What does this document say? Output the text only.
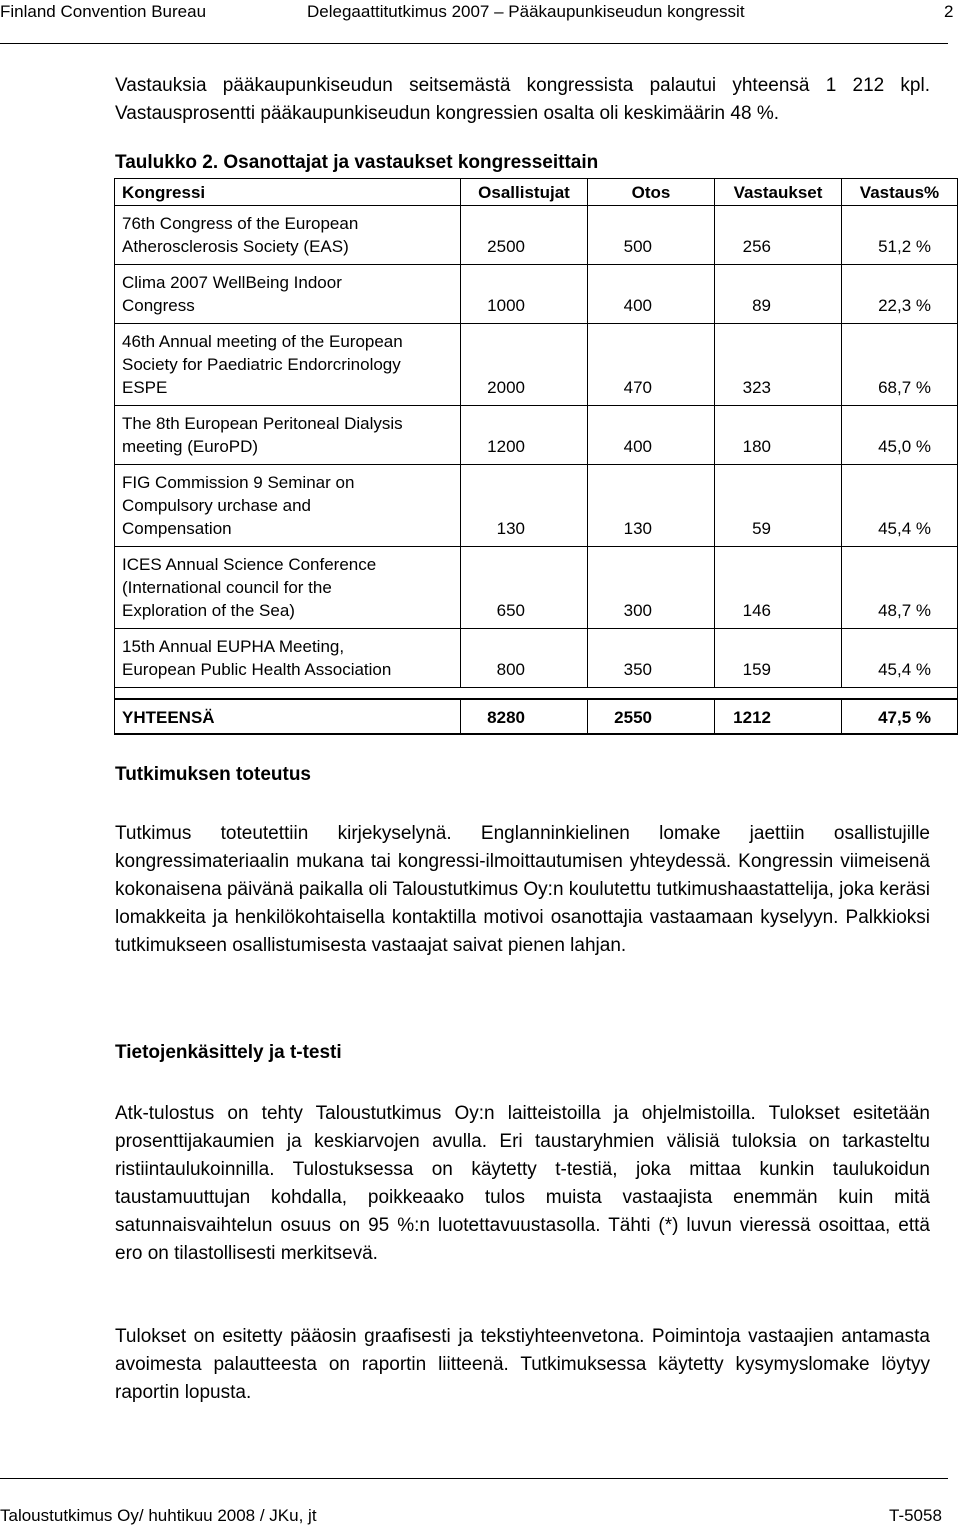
Finland Convention Bureau	Delegaattitutkimus 2007 – Pääkaupunkiseudun kongressit	2

Vastauksia pääkaupunkiseudun seitsemästä kongressista palautui yhteensä 1 212 kpl. Vastausprosentti pääkaupunkiseudun kongressien osalta oli keskimäärin 48 %.

Taulukko 2. Osanottajat ja vastaukset kongresseittain
Kongressi	Osallistujat	Otos	Vastaukset	Vastaus%

76th Congress of the European
Atherosclerosis Society (EAS)	2500	500	256	51,2 %

Clima 2007 WellBeing Indoor
Congress	1000	400	89	22,3 %

46th Annual meeting of the European
Society for Paediatric Endorcrinology
ESPE	2000	470	323	68,7 %

The 8th European Peritoneal Dialysis
meeting (EuroPD)	1200	400	180	45,0 %

FIG Commission 9 Seminar on
Compulsory urchase and
Compensation	130	130	59	45,4 %

ICES Annual Science Conference
(International council for the
Exploration of the Sea)	650	300	146	48,7 %

15th Annual EUPHA Meeting,
European Public Health Association	800	350	159	45,4 %

YHTEENSÄ	8280	2550	1212	47,5 %
Tutkimuksen toteutus

Tutkimus toteutettiin kirjekyselynä. Englanninkielinen lomake jaettiin osallistujille kongressimateriaalin mukana tai kongressi-ilmoittautumisen yhteydessä. Kongressin viimeisenä kokonaisena päivänä paikalla oli Taloustutkimus Oy:n koulutettu tutkimushaastattelija, joka keräsi lomakkeita ja henkilökohtaisella kontaktilla motivoi osanottajia vastaamaan kyselyyn. Palkkioksi tutkimukseen osallistumisesta vastaajat saivat pienen lahjan.

Tietojenkäsittely ja t-testi

Atk-tulostus on tehty Taloustutkimus Oy:n laitteistoilla ja ohjelmistoilla. Tulokset esitetään prosenttijakaumien ja keskiarvojen avulla. Eri taustaryhmien välisiä tuloksia on tarkasteltu ristiintaulukoinnilla. Tulostuksessa on käytetty t-testiä, joka mittaa kunkin taulukoidun taustamuuttujan kohdalla, poikkeaako tulos muista vastaajista enemmän kuin mitä satunnaisvaihtelun osuus on 95 %:n luotettavuustasolla. Tähti (*) luvun vieressä osoittaa, että ero on tilastollisesti merkitsevä.

Tulokset on esitetty pääosin graafisesti ja tekstiyhteenvetona. Poimintoja vastaajien antamasta avoimesta palautteesta on raportin liitteenä. Tutkimuksessa käytetty kysymyslomake löytyy raportin lopusta.

Taloustutkimus Oy/ huhtikuu 2008 / JKu, jt	T-5058
